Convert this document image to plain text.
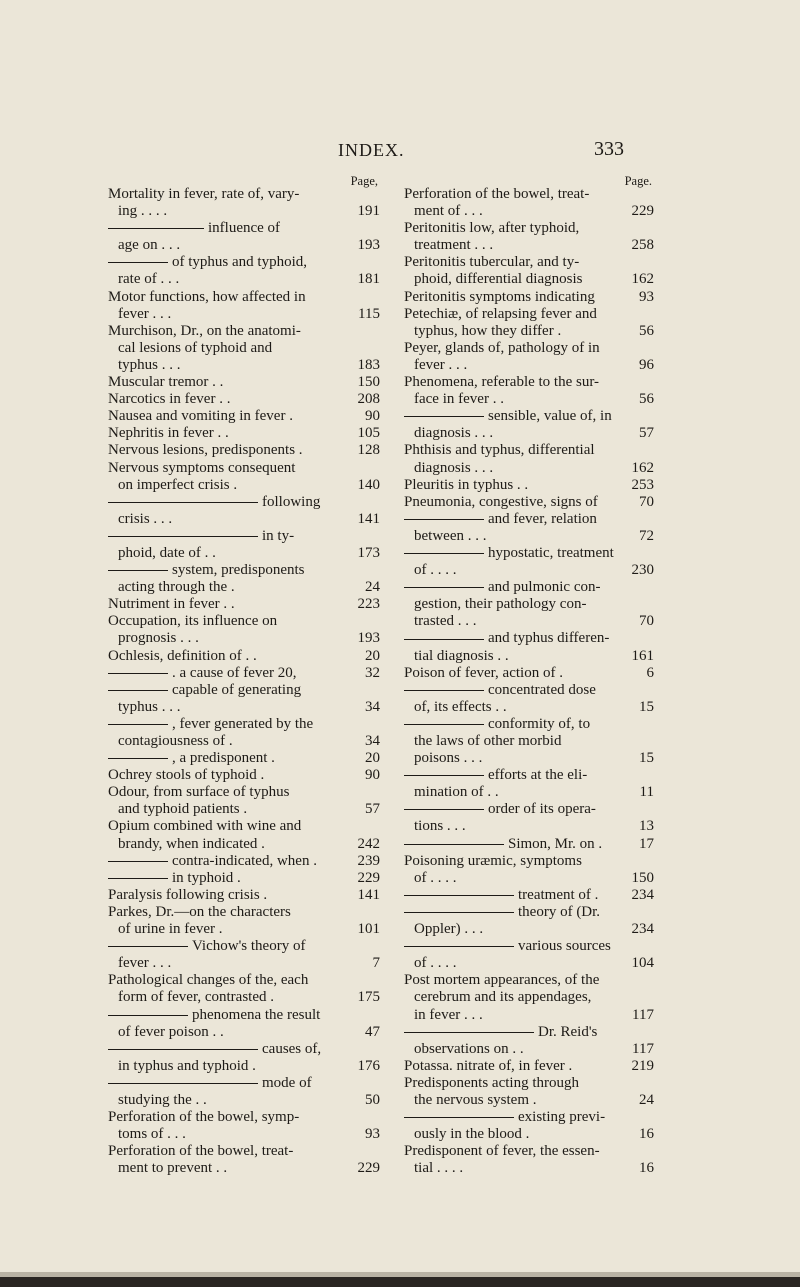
INDEX.	333
Page,
Mortality in fever, rate of, vary-
ing . . . .	191
influence of
age on . . .	193
of typhus and typhoid,
rate of . . .	181
Motor functions, how affected in
fever . . .	115
Murchison, Dr., on the anatomi-
cal lesions of typhoid and
typhus . . .	183
Muscular tremor . .	150
Narcotics in fever . .	208
Nausea and vomiting in fever .	90
Nephritis in fever . .	105
Nervous lesions, predisponents .	128
Nervous symptoms consequent
on imperfect crisis .	140
following
crisis . . .	141
in ty-
phoid, date of . .	173
system, predisponents
acting through the .	24
Nutriment in fever . .	223
Occupation, its influence on
prognosis . . .	193
Ochlesis, definition of . .	20
. a cause of fever 20,	32
capable of generating
typhus . . .	34
, fever generated by the
contagiousness of .	34
, a predisponent .	20
Ochrey stools of typhoid .	90
Odour, from surface of typhus
and typhoid patients .	57
Opium combined with wine and
brandy, when indicated .	242
contra-indicated, when .	239
in typhoid .	229
Paralysis following crisis .	141
Parkes, Dr.—on the characters
of urine in fever .	101
Vichow's theory of
fever . . .	7
Pathological changes of the, each
form of fever, contrasted .	175
phenomena the result
of fever poison . .	47
causes of,
in typhus and typhoid .	176
mode of
studying the . .	50
Perforation of the bowel, symp-
toms of . . .	93
Perforation of the bowel, treat-
ment to prevent . .	229
Page.
Perforation of the bowel, treat-
ment of . . .	229
Peritonitis low, after typhoid,
treatment . . .	258
Peritonitis tubercular, and ty-
phoid, differential diagnosis	162
Peritonitis symptoms indicating	93
Petechiæ, of relapsing fever and
typhus, how they differ .	56
Peyer, glands of, pathology of in
fever . . .	96
Phenomena, referable to the sur-
face in fever . .	56
sensible, value of, in
diagnosis . . .	57
Phthisis and typhus, differential
diagnosis . . .	162
Pleuritis in typhus . .	253
Pneumonia, congestive, signs of	70
and fever, relation
between . . .	72
hypostatic, treatment
of . . . .	230
and pulmonic con-
gestion, their pathology con-
trasted . . .	70
and typhus differen-
tial diagnosis . .	161
Poison of fever, action of .	6
concentrated dose
of, its effects . .	15
conformity of, to
the laws of other morbid
poisons . . .	15
efforts at the eli-
mination of . .	11
order of its opera-
tions . . .	13
Simon, Mr. on . 17
Poisoning uræmic, symptoms
of . . . .	150
treatment of . 234
theory of (Dr.
Oppler) . . .	234
various sources
of . . . .	104
Post mortem appearances, of the
cerebrum and its appendages,
in fever . . .	117
Dr. Reid's
observations on . .	117
Potassa. nitrate of, in fever .	219
Predisponents acting through
the nervous system .	24
existing previ-
ously in the blood .	16
Predisponent of fever, the essen-
tial . . . .	16
